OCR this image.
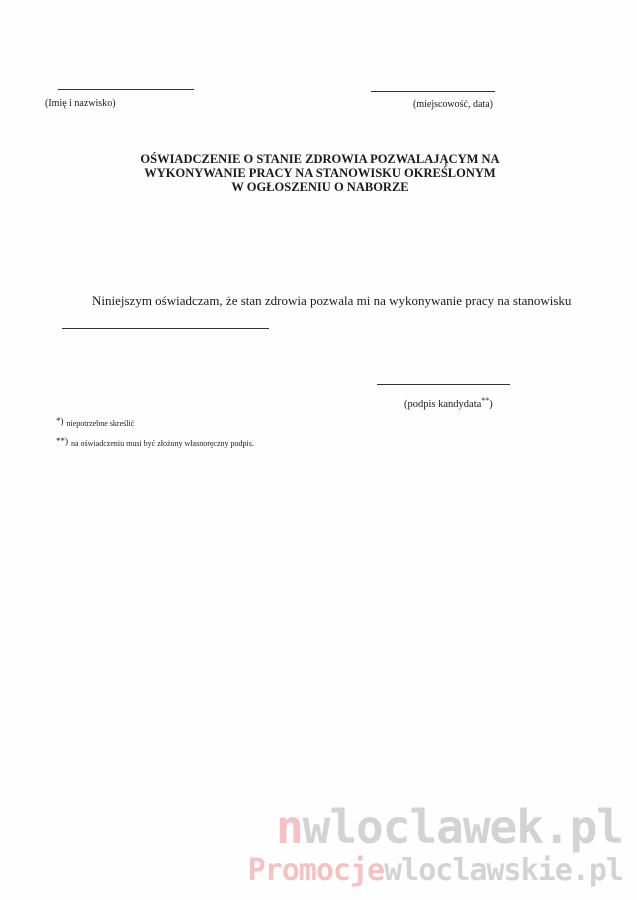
(Imię i nazwisko)	(miejscowość, data)
OŚWIADCZENIE O STANIE ZDROWIA POZWALAJĄCYM NA
WYKONYWANIE PRACY NA STANOWISKU OKREŚLONYM
W OGŁOSZENIU O NABORZE
Niniejszym oświadczam, że stan zdrowia pozwala mi na wykonywanie pracy na stanowisku
(podpis kandydata**)
*) niepotrzebne skreślić
**) na oświadczeniu musi być złożony własnoręczny podpis.
nwloclawek.pl
Promocjewloclawskie.pl
